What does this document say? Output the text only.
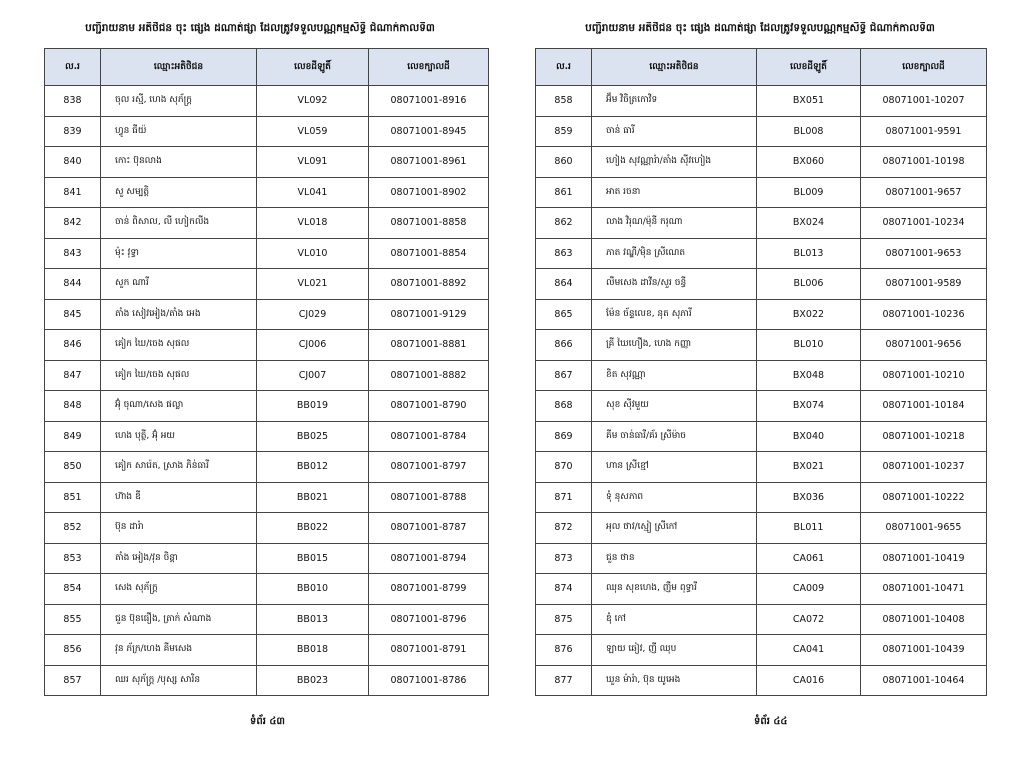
បញ្ជីរាយនាម អតិថិជន ចុះ ផ្សេង ដណាត់ផ្សា ដែលត្រូវទទួលបណ្ណកម្មសិទ្ធិ ជំណាក់កាលទី៣
ល.រ	ឈ្មោះអតិថិជន	លេខដីឡូតិ៍	លេខក្បាលដី
838	ចុល រស្មី, ហេង សុភ័ក្រ្ត	VL092	08071001-8916
839	ហ្វូន ធីយ៉	VL059	08071001-8945
840	កោះ ប៊ុនលាង	VL091	08071001-8961
841	សួ សម្បត្តិ	VL041	08071001-8902
842	ចាន់ ពិសាល, លី ហៀកលីង	VL018	08071001-8858
843	ម៉ុះ វុទ្ធា	VL010	08071001-8854
844	សួក ណារី	VL021	08071001-8892
845	តាំង សៀវអៀង/តាំង អេង	CJ029	08071001-9129
846	គៀក ឃៃ/ចេង សុផល	CJ006	08071001-8881
847	គៀក ឃៃ/ចេង សុផល	CJ007	08071001-8882
848	អ៊ុំ ចុណា/សេង ផល្លា	BB019	08071001-8790
849	ហេង បុត្ថី, អ៊ុំ អយ	BB025	08071001-8784
850	គៀក សារ៉េត, ស្រាង ភិន់ធារី	BB012	08071001-8797
851	ហ៊ាង ឌី	BB021	08071001-8788
852	ប៊ុន ដារ៉ា	BB022	08071001-8787
853	តាំង អៀង/វុន ចិន្តា	BB015	08071001-8794
854	សេង សុភ័ក្ត្រ	BB010	08071001-8799
855	ជួន ប៊ុនធឿង, ត្រាក់ សំណាង	BB013	08071001-8796
856	វុន ភ័ក្រ/ហេង គីមសេង	BB018	08071001-8791
857	ឈរ សុភ័ក្ត្រ /បុស្ស សារិន	BB023	08071001-8786
ទំព័រ ៤៣
បញ្ជីរាយនាម អតិថិជន ចុះ ផ្សេង ដណាត់ផ្សា ដែលត្រូវទទួលបណ្ណកម្មសិទ្ធិ ជំណាក់កាលទី៣
ល.រ	ឈ្មោះអតិថិជន	លេខដីឡូតិ៍	លេខក្បាលដី
858	អ៊ឹម វិចិត្រកោវិទ	BX051	08071001-10207
859	ចាន់ ធារី	BL008	08071001-9591
860	ហៀង សុវណ្ណារ៉ា/តាំង ស៊ីវហៀង	BX060	08071001-10198
861	អាត រចនា	BL009	08071001-9657
862	លាង វិរុណ/ម៉ុនី ករុណា	BX024	08071001-10234
863	ភាត វណ្ឌី/ម៉ិន ស្រីណេត	BL013	08071001-9653
864	លឹមសេង ដាវីន/សួរ ចន្ធី	BL006	08071001-9589
865	ម៉ែន ច័ន្ទលេខ, នុត សុភារី	BX022	08071001-10236
866	គ្រី ឃៃហឿង, ហេង កញ្ញា	BL010	08071001-9656
867	ខិត សុវណ្ណា	BX048	08071001-10210
868	សុខ ស៊ីវមួយ	BX074	08071001-10184
869	គីម ចាន់ធារី/គ័រ ស្រីម៉ាច	BX040	08071001-10218
870	ហាន ស្រីខ្មៅ	BX021	08071001-10237
871	ទុំ នុសភាព	BX036	08071001-10222
872	អុល ថាវ/ស្មៀ ស្រីកៅ	BL011	08071001-9655
873	ជួន ថាន	CA061	08071001-10419
874	ឈុន សុខហេង, ញឹម ពុទ្ធារី	CA009	08071001-10471
875	ឌុំ កៅ	CA072	08071001-10408
876	ឡាយ ឆៀវ, ញី ឈុប	CA041	08071001-10439
877	ឃួន ម៉ារ៉ា, ប៊ុន យូអេង	CA016	08071001-10464
ទំព័រ ៤៤
